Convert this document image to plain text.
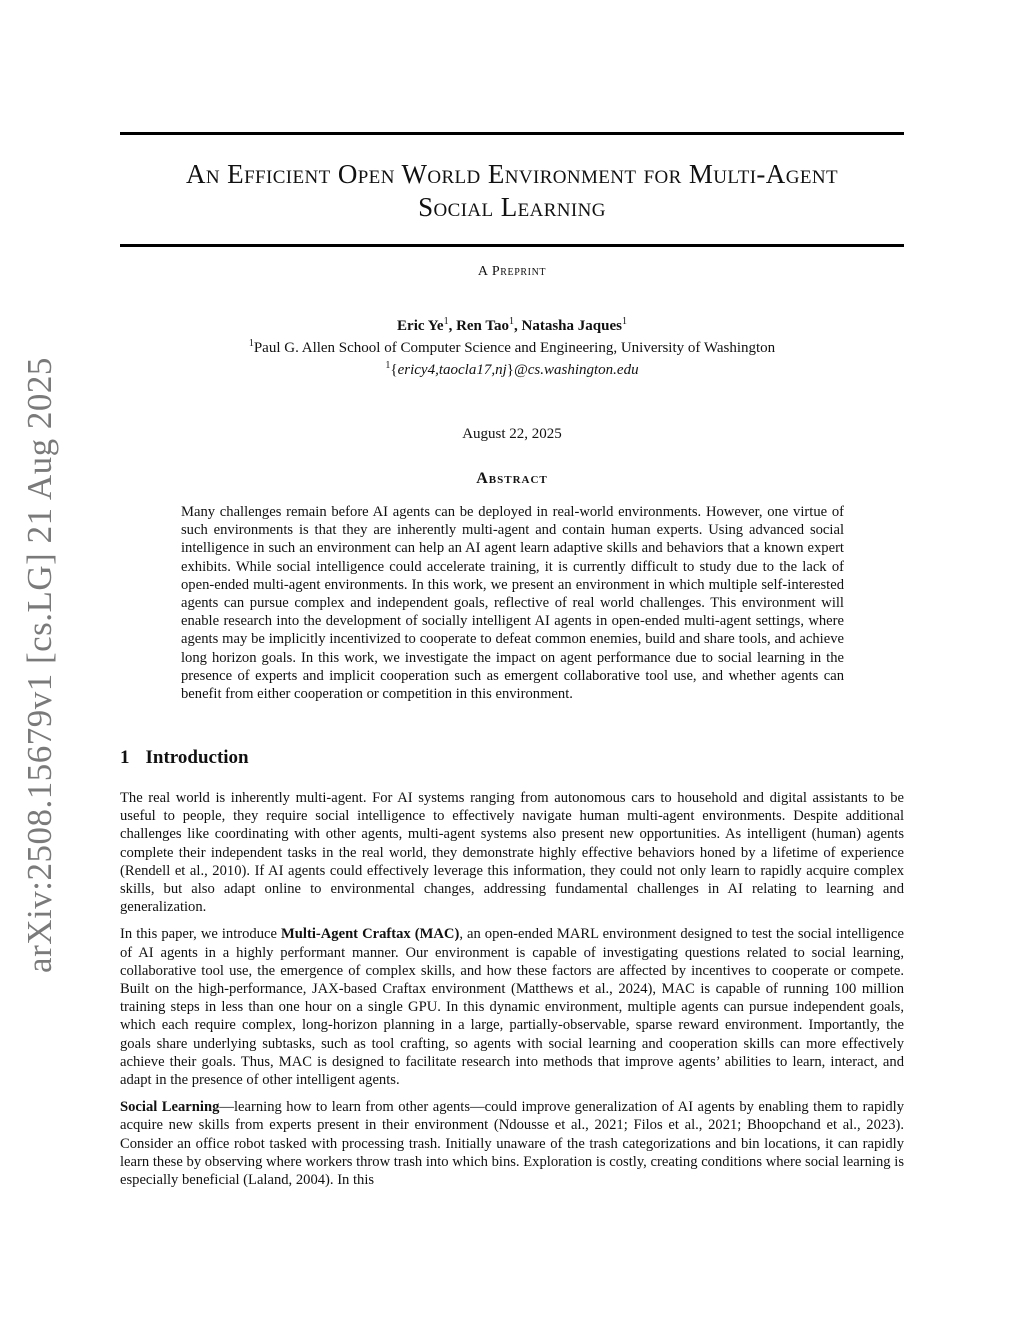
arXiv:2508.15679v1 [cs.LG] 21 Aug 2025
An Efficient Open World Environment for Multi-Agent
Social Learning
A Preprint
Eric Ye$^1$, Ren Tao$^1$, Natasha Jaques$^1$
$^1$Paul G. Allen School of Computer Science and Engineering, University of Washington
$^1${ericy4,taocla17,nj}@cs.washington.edu
August 22, 2025
Abstract

Many challenges remain before AI agents can be deployed in real-world environments. However, one virtue of such environments is that they are inherently multi-agent and contain human experts. Using advanced social intelligence in such an environment can help an AI agent learn adaptive skills and behaviors that a known expert exhibits. While social intelligence could accelerate training, it is currently difficult to study due to the lack of open-ended multi-agent environments. In this work, we present an environment in which multiple self-interested agents can pursue complex and independent goals, reflective of real world challenges. This environment will enable research into the development of socially intelligent AI agents in open-ended multi-agent settings, where agents may be implicitly incentivized to cooperate to defeat common enemies, build and share tools, and achieve long horizon goals. In this work, we investigate the impact on agent performance due to social learning in the presence of experts and implicit cooperation such as emergent collaborative tool use, and whether agents can benefit from either cooperation or competition in this environment.

1 Introduction

The real world is inherently multi-agent. For AI systems ranging from autonomous cars to household and digital assistants to be useful to people, they require social intelligence to effectively navigate human multi-agent environments. Despite additional challenges like coordinating with other agents, multi-agent systems also present new opportunities. As intelligent (human) agents complete their independent tasks in the real world, they demonstrate highly effective behaviors honed by a lifetime of experience (Rendell et al., 2010). If AI agents could effectively leverage this information, they could not only learn to rapidly acquire complex skills, but also adapt online to environmental changes, addressing fundamental challenges in AI relating to learning and generalization.

In this paper, we introduce Multi-Agent Craftax (MAC), an open-ended MARL environment designed to test the social intelligence of AI agents in a highly performant manner. Our environment is capable of investigating questions related to social learning, collaborative tool use, the emergence of complex skills, and how these factors are affected by incentives to cooperate or compete. Built on the high-performance, JAX-based Craftax environment (Matthews et al., 2024), MAC is capable of running 100 million training steps in less than one hour on a single GPU. In this dynamic environment, multiple agents can pursue independent goals, which each require complex, long-horizon planning in a large, partially-observable, sparse reward environment. Importantly, the goals share underlying subtasks, such as tool crafting, so agents with social learning and cooperation skills can more effectively achieve their goals. Thus, MAC is designed to facilitate research into methods that improve agents’ abilities to learn, interact, and adapt in the presence of other intelligent agents.

Social Learning—learning how to learn from other agents—could improve generalization of AI agents by enabling them to rapidly acquire new skills from experts present in their environment (Ndousse et al., 2021; Filos et al., 2021; Bhoopchand et al., 2023). Consider an office robot tasked with processing trash. Initially unaware of the trash categorizations and bin locations, it can rapidly learn these by observing where workers throw trash into which bins. Exploration is costly, creating conditions where social learning is especially beneficial (Laland, 2004). In this
